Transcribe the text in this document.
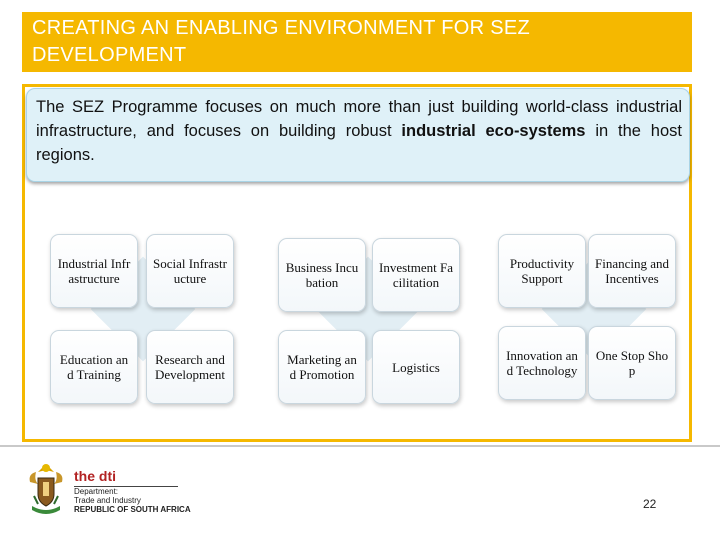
CREATING AN ENABLING ENVIRONMENT FOR SEZ DEVELOPMENT
The SEZ Programme focuses on much more than just building world-class industrial infrastructure, and focuses on building robust industrial eco-systems in the host regions.
Industrial Infrastructure
Social Infrastructure
Education and Training
Research and Development
Business Incubation
Investment Facilitation
Marketing and Promotion	Logistics
Productivity Support
Financing and Incentives
Innovation and Technology
One Stop Shop
the dti
Department:
Trade and Industry
REPUBLIC OF SOUTH AFRICA	22
